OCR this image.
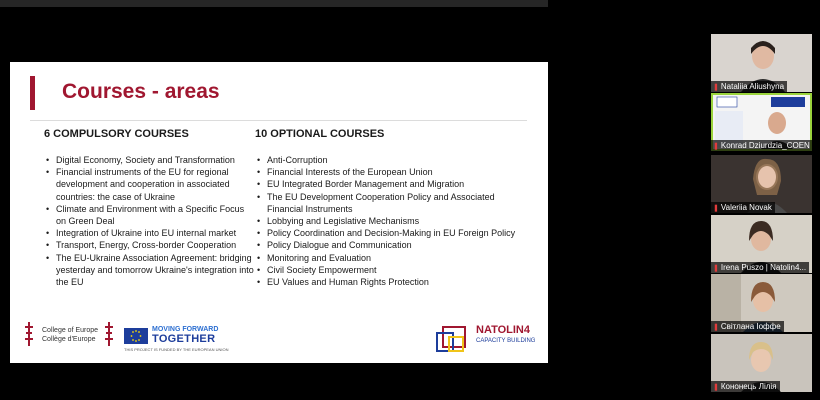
Courses - areas
6 COMPULSORY COURSES
• Digital Economy, Society and Transformation
• Financial instruments of the EU for regional development and cooperation in associated countries: the case of Ukraine
• Climate and Environment with a Specific Focus on Green Deal
• Integration of Ukraine into EU internal market
• Transport, Energy, Cross-border Cooperation
• The EU-Ukraine Association Agreement: bridging yesterday and tomorrow Ukraine's integration into the EU
10 OPTIONAL COURSES
• Anti-Corruption
• Financial Interests of the European Union
• EU Integrated Border Management and Migration
• The EU Development Cooperation Policy and Associated Financial Instruments
• Lobbying and Legislative Mechanisms
• Policy Coordination and Decision-Making in EU Foreign Policy
• Policy Dialogue and Communication
• Monitoring and Evaluation
• Civil Society Empowerment
• EU Values and Human Rights Protection
College of Europe
Collège d'Europe
MOVING FORWARD
TOGETHER
THIS PROJECT IS FUNDED BY THE EUROPEAN UNION
NATOLIN4
CAPACITY BUILDING
❚ Nataliia Aliushyna
❚ Konrad Dziurdzia_COEN
❚ Valeriia Novak
❚ Irena Puszo | Natolin4...
❚ Світлана Іоффе
❚ Кононець Лілія
